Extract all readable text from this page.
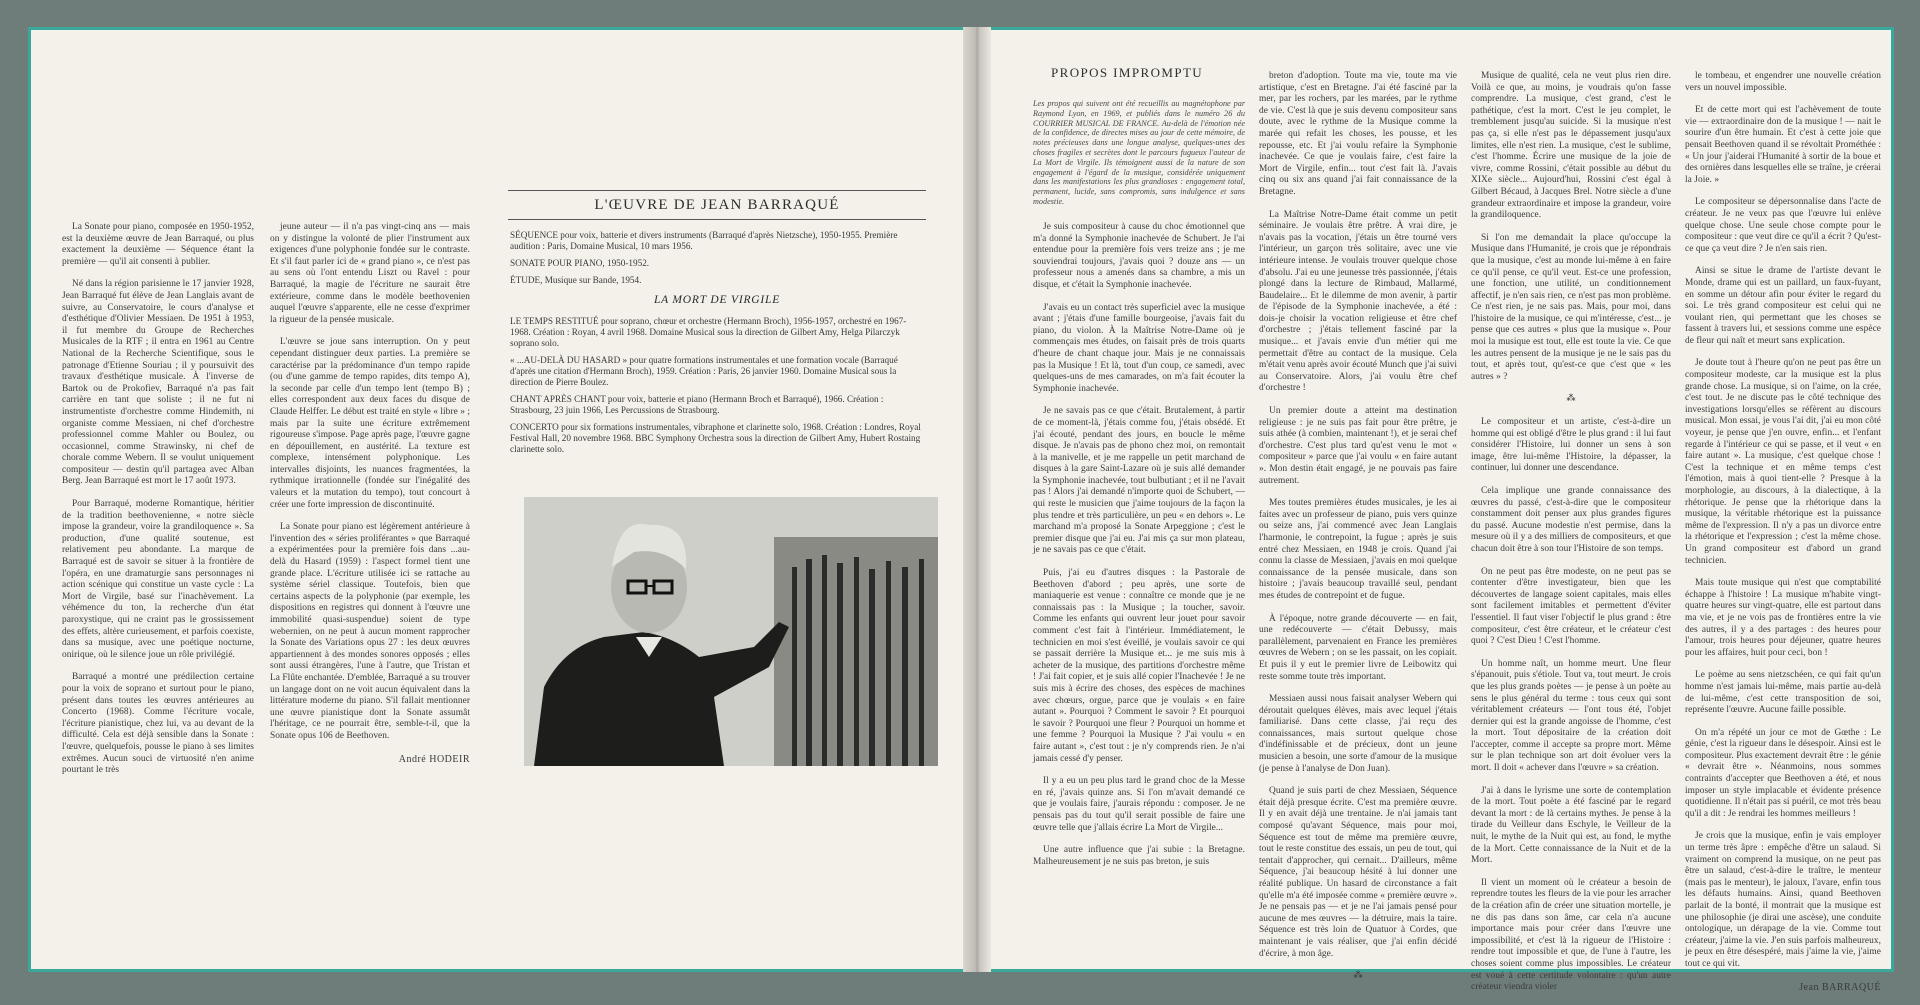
La Sonate pour piano, composée en 1950-1952, est la deuxième œuvre de Jean Barraqué, ou plus exactement la deuxième — Séquence étant la première — qu'il ait consenti à publier.

Né dans la région parisienne le 17 janvier 1928, Jean Barraqué fut élève de Jean Langlais avant de suivre, au Conservatoire, le cours d'analyse et d'esthétique d'Olivier Messiaen. De 1951 à 1953, il fut membre du Groupe de Recherches Musicales de la RTF ; il entra en 1961 au Centre National de la Recherche Scientifique, sous le patronage d'Etienne Souriau ; il y poursuivit des travaux d'esthétique musicale. À l'inverse de Bartok ou de Prokofiev, Barraqué n'a pas fait carrière en tant que soliste ; il ne fut ni instrumentiste d'orchestre comme Hindemith, ni organiste comme Messiaen, ni chef d'orchestre professionnel comme Mahler ou Boulez, ou occasionnel, comme Strawinsky, ni chef de chorale comme Webern. Il se voulut uniquement compositeur — destin qu'il partagea avec Alban Berg. Jean Barraqué est mort le 17 août 1973.

Pour Barraqué, moderne Romantique, héritier de la tradition beethovenienne, « notre siècle impose la grandeur, voire la grandiloquence ». Sa production, d'une qualité soutenue, est relativement peu abondante. La marque de Barraqué est de savoir se situer à la frontière de l'opéra, en une dramaturgie sans personnages ni action scénique qui constitue un vaste cycle : La Mort de Virgile, basé sur l'inachèvement. La véhémence du ton, la recherche d'un état paroxystique, qui ne craint pas le grossissement des effets, altère curieusement, et parfois coexiste, dans sa musique, avec une poétique nocturne, onirique, où le silence joue un rôle privilégié.

Barraqué a montré une prédilection certaine pour la voix de soprano et surtout pour le piano, présent dans toutes les œuvres antérieures au Concerto (1968). Comme l'écriture vocale, l'écriture pianistique, chez lui, va au devant de la difficulté. Cela est déjà sensible dans la Sonate : l'œuvre, quelquefois, pousse le piano à ses limites extrêmes. Aucun souci de virtuosité n'en anime pourtant le très

jeune auteur — il n'a pas vingt-cinq ans — mais on y distingue la volonté de plier l'instrument aux exigences d'une polyphonie fondée sur le contraste. Et s'il faut parler ici de « grand piano », ce n'est pas au sens où l'ont entendu Liszt ou Ravel : pour Barraqué, la magie de l'écriture ne saurait être extérieure, comme dans le modèle beethovenien auquel l'œuvre s'apparente, elle ne cesse d'exprimer la rigueur de la pensée musicale.

L'œuvre se joue sans interruption. On y peut cependant distinguer deux parties. La première se caractérise par la prédominance d'un tempo rapide (ou d'une gamme de tempo rapides, dits tempo A), la seconde par celle d'un tempo lent (tempo B) ; elles correspondent aux deux faces du disque de Claude Helffer. Le début est traité en style « libre » ; mais par la suite une écriture extrêmement rigoureuse s'impose. Page après page, l'œuvre gagne en dépouillement, en austérité. La texture est complexe, intensément polyphonique. Les intervalles disjoints, les nuances fragmentées, la rythmique irrationnelle (fondée sur l'inégalité des valeurs et la mutation du tempo), tout concourt à créer une forte impression de discontinuité.

La Sonate pour piano est légèrement antérieure à l'invention des « séries proliférantes » que Barraqué a expérimentées pour la première fois dans ...au-delà du Hasard (1959) : l'aspect formel tient une grande place. L'écriture utilisée ici se rattache au système sériel classique. Toutefois, bien que certains aspects de la polyphonie (par exemple, les dispositions en registres qui donnent à l'œuvre une immobilité quasi-suspendue) soient de type webernien, on ne peut à aucun moment rapprocher la Sonate des Variations opus 27 : les deux œuvres appartiennent à des mondes sonores opposés ; elles sont aussi étrangères, l'une à l'autre, que Tristan et La Flûte enchantée. D'emblée, Barraqué a su trouver un langage dont on ne voit aucun équivalent dans la littérature moderne du piano. S'il fallait mentionner une œuvre pianistique dont la Sonate assumât l'héritage, ce ne pourrait être, semble-t-il, que la Sonate opus 106 de Beethoven.

André HODEIR
L'ŒUVRE DE JEAN BARRAQUÉ

SÉQUENCE pour voix, batterie et divers instruments (Barraqué d'après Nietzsche), 1950-1955. Première audition : Paris, Domaine Musical, 10 mars 1956.

SONATE POUR PIANO, 1950-1952.

ÉTUDE, Musique sur Bande, 1954.

LA MORT DE VIRGILE

LE TEMPS RESTITUÉ pour soprano, chœur et orchestre (Hermann Broch), 1956-1957, orchestré en 1967-1968. Création : Royan, 4 avril 1968. Domaine Musical sous la direction de Gilbert Amy, Helga Pilarczyk soprano solo.

« ...AU-DELÀ DU HASARD » pour quatre formations instrumentales et une formation vocale (Barraqué d'après une citation d'Hermann Broch), 1959. Création : Paris, 26 janvier 1960. Domaine Musical sous la direction de Pierre Boulez.

CHANT APRÈS CHANT pour voix, batterie et piano (Hermann Broch et Barraqué), 1966. Création : Strasbourg, 23 juin 1966, Les Percussions de Strasbourg.

CONCERTO pour six formations instrumentales, vibraphone et clarinette solo, 1968. Création : Londres, Royal Festival Hall, 20 novembre 1968. BBC Symphony Orchestra sous la direction de Gilbert Amy, Hubert Rostaing clarinette solo.

PROPOS IMPROMPTU
Les propos qui suivent ont été recueillis au magnétophone par Raymond Lyon, en 1969, et publiés dans le numéro 26 du COURRIER MUSICAL DE FRANCE. Au-delà de l'émotion née de la confidence, de directes mises au jour de cette mémoire, de notes précieuses dans une longue analyse, quelques-unes des choses fragiles et secrètes dont le parcours fugueux l'auteur de La Mort de Virgile. Ils témoignent aussi de la nature de son engagement à l'égard de la musique, considérée uniquement dans les manifestations les plus grandioses : engagement total, permanent, lucide, sans compromis, sans indulgence et sans modestie.

Je suis compositeur à cause du choc émotionnel que m'a donné la Symphonie inachevée de Schubert. Je l'ai entendue pour la première fois vers treize ans ; je me souviendrai toujours, j'avais quoi ? douze ans — un professeur nous a amenés dans sa chambre, a mis un disque, et c'était la Symphonie inachevée.

J'avais eu un contact très superficiel avec la musique avant ; j'étais d'une famille bourgeoise, j'avais fait du piano, du violon. À la Maîtrise Notre-Dame où je commençais mes études, on faisait près de trois quarts d'heure de chant chaque jour. Mais je ne connaissais pas la Musique ! Et là, tout d'un coup, ce samedi, avec quelques-uns de mes camarades, on m'a fait écouter la Symphonie inachevée.

Je ne savais pas ce que c'était. Brutalement, à partir de ce moment-là, j'étais comme fou, j'étais obsédé. Et j'ai écouté, pendant des jours, en boucle le même disque. Je n'avais pas de phono chez moi, on remontait à la manivelle, et je me rappelle un petit marchand de disques à la gare Saint-Lazare où je suis allé demander la Symphonie inachevée, tout bulbutiant ; et il ne l'avait pas ! Alors j'ai demandé n'importe quoi de Schubert, — qui reste le musicien que j'aime toujours de la façon la plus tendre et très particulière, un peu « en dehors ». Le marchand m'a proposé la Sonate Arpeggione ; c'est le premier disque que j'ai eu. J'ai mis ça sur mon plateau, je ne savais pas ce que c'était.

Puis, j'ai eu d'autres disques : la Pastorale de Beethoven d'abord ; peu après, une sorte de maniaquerie est venue : connaître ce monde que je ne connaissais pas : la Musique ; la toucher, savoir. Comme les enfants qui ouvrent leur jouet pour savoir comment c'est fait à l'intérieur. Immédiatement, le technicien en moi s'est éveillé, je voulais savoir ce qui se passait derrière la Musique et... je me suis mis à acheter de la musique, des partitions d'orchestre même ! J'ai fait copier, et je suis allé copier l'Inachevée ! Je ne suis mis à écrire des choses, des espèces de machines avec chœurs, orgue, parce que je voulais « en faire autant ». Pourquoi ? Comment le savoir ? Et pourquoi le savoir ? Pourquoi une fleur ? Pourquoi un homme et une femme ? Pourquoi la Musique ? J'ai voulu « en faire autant », c'est tout : je n'y comprends rien. Je n'ai jamais cessé d'y penser.

Il y a eu un peu plus tard le grand choc de la Messe en ré, j'avais quinze ans. Si l'on m'avait demandé ce que je voulais faire, j'aurais répondu : composer. Je ne pensais pas du tout qu'il serait possible de faire une œuvre telle que j'allais écrire La Mort de Virgile...

Une autre influence que j'ai subie : la Bretagne. Malheureusement je ne suis pas breton, je suis

breton d'adoption. Toute ma vie, toute ma vie artistique, c'est en Bretagne. J'ai été fasciné par la mer, par les rochers, par les marées, par le rythme de vie. C'est là que je suis devenu compositeur sans doute, avec le rythme de la Musique comme la marée qui refait les choses, les pousse, et les repousse, etc. Et j'ai voulu refaire la Symphonie inachevée. Ce que je voulais faire, c'est faire la Mort de Virgile, enfin... tout c'est fait là. J'avais cinq ou six ans quand j'ai fait connaissance de la Bretagne.

La Maîtrise Notre-Dame était comme un petit séminaire. Je voulais être prêtre. À vrai dire, je n'avais pas la vocation, j'étais un être tourné vers l'intérieur, un garçon très solitaire, avec une vie intérieure intense. Je voulais trouver quelque chose d'absolu. J'ai eu une jeunesse très passionnée, j'étais plongé dans la lecture de Rimbaud, Mallarmé, Baudelaire... Et le dilemme de mon avenir, à partir de l'épisode de la Symphonie inachevée, a été : dois-je choisir la vocation religieuse et être chef d'orchestre ; j'étais tellement fasciné par la musique... et j'avais envie d'un métier qui me permettait d'être au contact de la musique. Cela m'était venu après avoir écouté Munch que j'ai suivi au Conservatoire. Alors, j'ai voulu être chef d'orchestre !

Un premier doute a atteint ma destination religieuse : je ne suis pas fait pour être prêtre, je suis athée (à combien, maintenant !), et je serai chef d'orchestre. C'est plus tard qu'est venu le mot « compositeur » parce que j'ai voulu « en faire autant ». Mon destin était engagé, je ne pouvais pas faire autrement.

Mes toutes premières études musicales, je les ai faites avec un professeur de piano, puis vers quinze ou seize ans, j'ai commencé avec Jean Langlais l'harmonie, le contrepoint, la fugue ; après je suis entré chez Messiaen, en 1948 je crois. Quand j'ai connu la classe de Messiaen, j'avais en moi quelque connaissance de la pensée musicale, dans son histoire ; j'avais beaucoup travaillé seul, pendant mes études de contrepoint et de fugue.

À l'époque, notre grande découverte — en fait, une redécouverte — c'était Debussy, mais parallèlement, parvenaient en France les premières œuvres de Webern ; on se les passait, on les copiait. Et puis il y eut le premier livre de Leibowitz qui reste somme toute très important.

Messiaen aussi nous faisait analyser Webern qui déroutait quelques élèves, mais avec lequel j'étais familiarisé. Dans cette classe, j'ai reçu des connaissances, mais surtout quelque chose d'indéfinissable et de précieux, dont un jeune musicien a besoin, une sorte d'amour de la musique (je pense à l'analyse de Don Juan).

Quand je suis parti de chez Messiaen, Séquence était déjà presque écrite. C'est ma première œuvre. Il y en avait déjà une trentaine. Je n'ai jamais tant composé qu'avant Séquence, mais pour moi, Séquence est tout de même ma première œuvre, tout le reste constitue des essais, un peu de tout, qui tentait d'approcher, qui cernait... D'ailleurs, même Séquence, j'ai beaucoup hésité à lui donner une réalité publique. Un hasard de circonstance a fait qu'elle m'a été imposée comme « première œuvre ». Je ne pensais pas — et je ne l'ai jamais pensé pour aucune de mes œuvres — la détruire, mais la taire. Séquence est très loin de Quatuor à Cordes, que maintenant je vais réaliser, que j'ai enfin décidé d'écrire, à mon âge.

⁂

Musique de qualité, cela ne veut plus rien dire. Voilà ce que, au moins, je voudrais qu'on fasse comprendre. La musique, c'est grand, c'est le pathétique, c'est la mort. C'est le jeu complet, le tremblement jusqu'au suicide. Si la musique n'est pas ça, si elle n'est pas le dépassement jusqu'aux limites, elle n'est rien. La musique, c'est le sublime, c'est l'homme. Écrire une musique de la joie de vivre, comme Rossini, c'était possible au début du XIXe siècle... Aujourd'hui, Rossini c'est égal à Gilbert Bécaud, à Jacques Brel. Notre siècle a d'une grandeur extraordinaire et impose la grandeur, voire la grandiloquence.

Si l'on me demandait la place qu'occupe la Musique dans l'Humanité, je crois que je répondrais que la musique, c'est au monde lui-même à en faire ce qu'il pense, ce qu'il veut. Est-ce une profession, une fonction, une utilité, un conditionnement affectif, je n'en sais rien, ce n'est pas mon problème. Ce n'est rien, je ne sais pas. Mais, pour moi, dans l'histoire de la musique, ce qui m'intéresse, c'est... je pense que ces autres « plus que la musique ». Pour moi la musique est tout, elle est toute la vie. Ce que les autres pensent de la musique je ne le sais pas du tout, et après tout, qu'est-ce que c'est que « les autres » ?

⁂

Le compositeur et un artiste, c'est-à-dire un homme qui est obligé d'être le plus grand : il lui faut considérer l'Histoire, lui donner un sens à son image, être lui-même l'Histoire, la dépasser, la continuer, lui donner une descendance.

Cela implique une grande connaissance des œuvres du passé, c'est-à-dire que le compositeur constamment doit penser aux plus grandes figures du passé. Aucune modestie n'est permise, dans la mesure où il y a des milliers de compositeurs, et que chacun doit être à son tour l'Histoire de son temps.

On ne peut pas être modeste, on ne peut pas se contenter d'être investigateur, bien que les découvertes de langage soient capitales, mais elles sont facilement imitables et permettent d'éviter l'essentiel. Il faut viser l'objectif le plus grand : être compositeur, c'est être créateur, et le créateur c'est quoi ? C'est Dieu ! C'est l'homme.

Un homme naît, un homme meurt. Une fleur s'épanouit, puis s'étiole. Tout va, tout meurt. Je crois que les plus grands poètes — je pense à un poète au sens le plus général du terme : tous ceux qui sont véritablement créateurs — l'ont tous été, l'objet dernier qui est la grande angoisse de l'homme, c'est la mort. Tout dépositaire de la création doit l'accepter, comme il accepte sa propre mort. Même sur le plan technique son art doit évoluer vers la mort. Il doit « achever dans l'œuvre » sa création.

J'ai à dans le lyrisme une sorte de contemplation de la mort. Tout poète a été fasciné par le regard devant la mort : de là certains mythes. Je pense à la tirade du Veilleur dans Eschyle, le Veilleur de la nuit, le mythe de la Nuit qui est, au fond, le mythe de la Mort. Cette connaissance de la Nuit et de la Mort.

Il vient un moment où le créateur a besoin de reprendre toutes les fleurs de la vie pour les arracher de la création afin de créer une situation mortelle, je ne dis pas dans son âme, car cela n'a aucune importance mais pour créer dans l'œuvre une impossibilité, et c'est là la rigueur de l'Histoire : rendre tout impossible et que, de l'une à l'autre, les choses soient comme plus impossibles. Le créateur est voué à cette certitude volontaire : qu'un autre créateur viendra violer

le tombeau, et engendrer une nouvelle création vers un nouvel impossible.

Et de cette mort qui est l'achèvement de toute vie — extraordinaire don de la musique ! — nait le sourire d'un être humain. Et c'est à cette joie que pensait Beethoven quand il se révoltait Prométhée : « Un jour j'aiderai l'Humanité à sortir de la boue et des ornières dans lesquelles elle se traîne, je créerai la Joie. »

Le compositeur se dépersonnalise dans l'acte de créateur. Je ne veux pas que l'œuvre lui enlève quelque chose. Une seule chose compte pour le compositeur : que veut dire ce qu'il a écrit ? Qu'est-ce que ça veut dire ? Je n'en sais rien.

Ainsi se situe le drame de l'artiste devant le Monde, drame qui est un paillard, un faux-fuyant, en somme un détour afin pour éviter le regard du soi. Le très grand compositeur est celui qui ne voulant rien, qui permettant que les choses se fassent à travers lui, et sessions comme une espèce de fleur qui naît et meurt sans explication.

Je doute tout à l'heure qu'on ne peut pas être un compositeur modeste, car la musique est la plus grande chose. La musique, si on l'aime, on la crée, c'est tout. Je ne discute pas le côté technique des investigations lorsqu'elles se réfèrent au discours musical. Mon essai, je vous l'ai dit, j'ai eu mon côté voyeur, je pense que j'en ouvre, enfin... et l'enfant regarde à l'intérieur ce qui se passe, et il veut « en faire autant ». La musique, c'est quelque chose ! C'est la technique et en même temps c'est l'émotion, mais à quoi tient-elle ? Presque à la morphologie, au discours, à la dialectique, à la rhétorique. Je pense que la rhétorique dans la musique, la véritable rhétorique est la puissance même de l'expression. Il n'y a pas un divorce entre la rhétorique et l'expression ; c'est la même chose. Un grand compositeur est d'abord un grand technicien.

Mais toute musique qui n'est que comptabilité échappe à l'histoire ! La musique m'habite vingt-quatre heures sur vingt-quatre, elle est partout dans ma vie, et je ne vois pas de frontières entre la vie des autres, il y a des partages : des heures pour l'amour, trois heures pour déjeuner, quatre heures pour les affaires, huit pour ceci, bon !

Le poème au sens nietzschéen, ce qui fait qu'un homme n'est jamais lui-même, mais partie au-delà de lui-même, c'est cette transposition de soi, représente l'œuvre. Aucune faille possible.

On m'a répété un jour ce mot de Gœthe : Le génie, c'est la rigueur dans le désespoir. Ainsi est le compositeur. Plus exactement devrait être : le génie « devrait être ». Néanmoins, nous sommes contraints d'accepter que Beethoven a été, et nous imposer un style implacable et évidente présence quotidienne. Il n'était pas si puéril, ce mot très beau qu'il a dit : Je rendrai les hommes meilleurs !

Je crois que la musique, enfin je vais employer un terme très âpre : empêche d'être un salaud. Si vraiment on comprend la musique, on ne peut pas être un salaud, c'est-à-dire le traître, le menteur (mais pas le menteur), le jaloux, l'avare, enfin tous les défauts humains. Ainsi, quand Beethoven parlait de la bonté, il montrait que la musique est une philosophie (je dirai une ascèse), une conduite ontologique, un dérapage de la vie. Comme tout créateur, j'aime la vie. J'en suis parfois malheureux, je peux en être désespéré, mais j'aime la vie, j'aime tout ce qui vit.

Jean BARRAQUÉ
